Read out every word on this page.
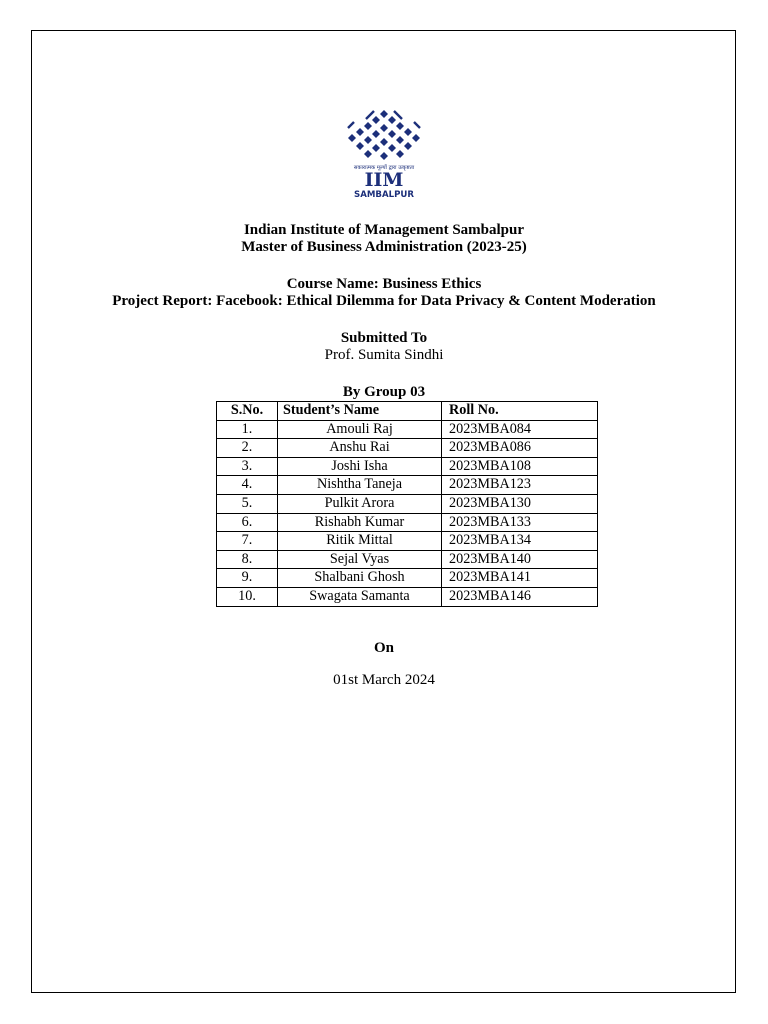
सकारात्मक मूल्यों द्वारा उत्कृष्टता
IIM
SAMBALPUR
Indian Institute of Management Sambalpur
Master of Business Administration (2023-25)
Course Name: Business Ethics
Project Report: Facebook: Ethical Dilemma for Data Privacy & Content Moderation
Submitted To
Prof. Sumita Sindhi
By Group 03
S.No.	Student’s Name	Roll No.
1.	Amouli Raj	2023MBA084
2.	Anshu Rai	2023MBA086
3.	Joshi Isha	2023MBA108
4.	Nishtha Taneja	2023MBA123
5.	Pulkit Arora	2023MBA130
6.	Rishabh Kumar	2023MBA133
7.	Ritik Mittal	2023MBA134
8.	Sejal Vyas	2023MBA140
9.	Shalbani Ghosh	2023MBA141
10.	Swagata Samanta	2023MBA146
On
01st March 2024
